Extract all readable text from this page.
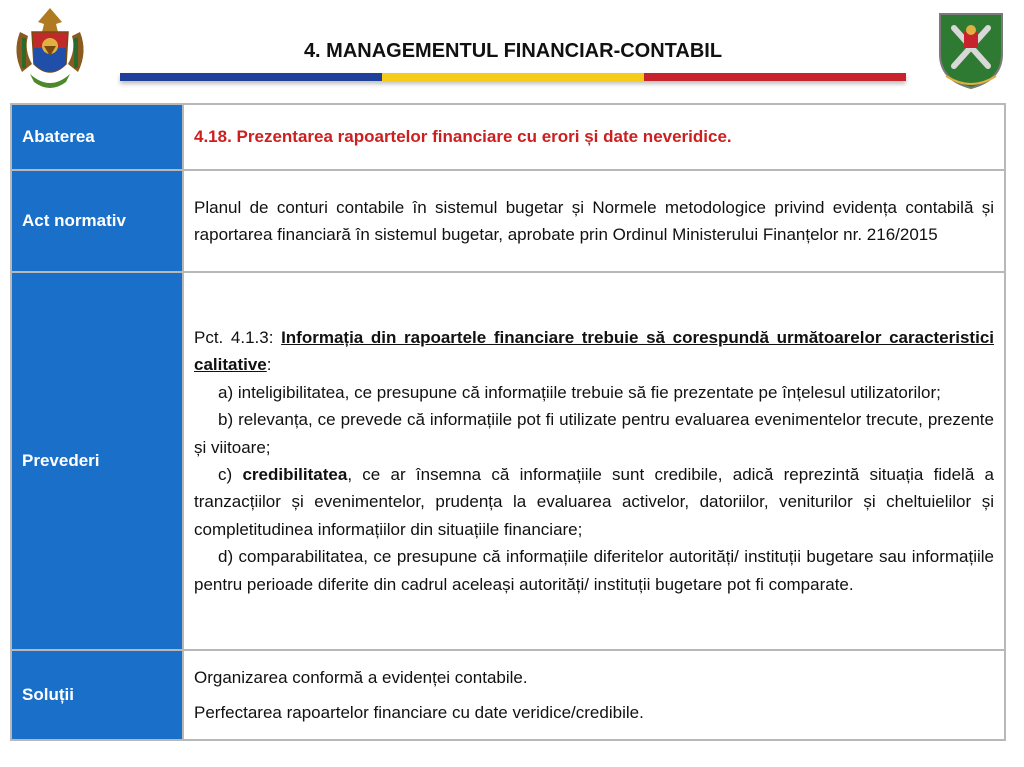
4. MANAGEMENTUL FINANCIAR-CONTABIL
Abaterea	4.18. Prezentarea rapoartelor financiare cu erori și date neveridice.
Act normativ	Planul de conturi contabile în sistemul bugetar și Normele metodologice privind evidența contabilă și raportarea financiară în sistemul bugetar, aprobate prin Ordinul Ministerului Finanțelor nr. 216/2015
Prevederi	Pct. 4.1.3: Informația din rapoartele financiare trebuie să corespundă următoarelor caracteristici calitative:
a) inteligibilitatea, ce presupune că informațiile trebuie să fie prezentate pe înțelesul utilizatorilor;
b) relevanța, ce prevede că informațiile pot fi utilizate pentru evaluarea evenimentelor trecute, prezente și viitoare;
c) credibilitatea, ce ar însemna că informațiile sunt credibile, adică reprezintă situația fidelă a tranzacțiilor și evenimentelor, prudența la evaluarea activelor, datoriilor, veniturilor și cheltuielilor și completitudinea informațiilor din situațiile financiare;
d) comparabilitatea, ce presupune că informațiile diferitelor autorități/ instituții bugetare sau informațiile pentru perioade diferite din cadrul aceleași autorități/ instituții bugetare pot fi comparate.

Soluții	Organizarea conformă a evidenței contabile.
Perfectarea rapoartelor financiare cu date veridice/credibile.
